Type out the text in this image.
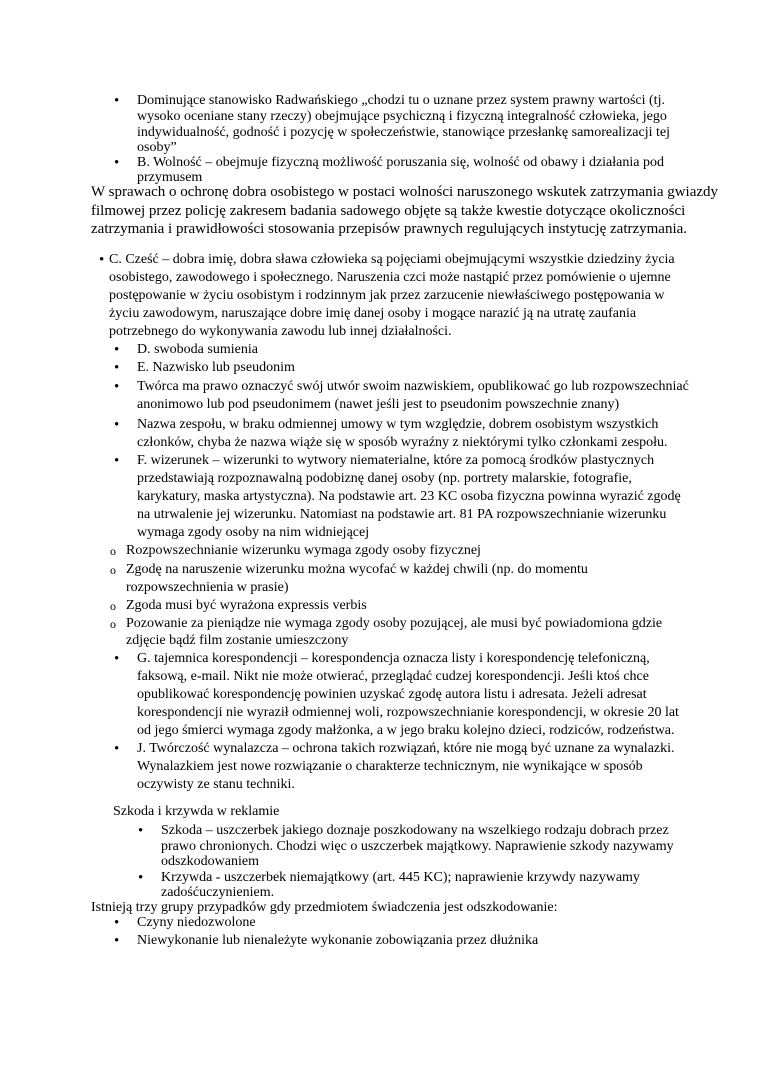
•
•
•
•
•
•
•
•
o
o
o
o
•
•
•
•
•
•
Dominujące stanowisko Radwańskiego „chodzi tu o uznane przez system prawny wartości (tj.
wysoko oceniane stany rzeczy) obejmujące psychiczną i fizyczną integralność człowieka, jego
indywidualność, godność i pozycję w społeczeństwie, stanowiące przesłankę samorealizacji tej
osoby”
B. Wolność – obejmuje fizyczną możliwość poruszania się, wolność od obawy i działania pod
przymusem
W sprawach o ochronę dobra osobistego w postaci wolności naruszonego wskutek zatrzymania gwiazdy
filmowej przez policję zakresem badania sadowego objęte są także kwestie dotyczące okoliczności
zatrzymania i prawidłowości stosowania przepisów prawnych regulujących instytucję zatrzymania.
C. Cześć – dobra imię, dobra sława człowieka są pojęciami obejmującymi wszystkie dziedziny życia
osobistego, zawodowego i społecznego. Naruszenia czci może nastąpić przez pomówienie o ujemne
postępowanie w życiu osobistym i rodzinnym jak przez zarzucenie niewłaściwego postępowania w
życiu zawodowym, naruszające dobre imię danej osoby i mogące narazić ją na utratę zaufania
potrzebnego do wykonywania zawodu lub innej działalności.
D. swoboda sumienia
E. Nazwisko lub pseudonim
Twórca ma prawo oznaczyć swój utwór swoim nazwiskiem, opublikować go lub rozpowszechniać
anonimowo lub pod pseudonimem (nawet jeśli jest to pseudonim powszechnie znany)
Nazwa zespołu, w braku odmiennej umowy w tym względzie, dobrem osobistym wszystkich
członków, chyba że nazwa wiąże się w sposób wyraźny z niektórymi tylko członkami zespołu.
F. wizerunek – wizerunki to wytwory niematerialne, które za pomocą środków plastycznych
przedstawiają rozpoznawalną podobiznę danej osoby (np. portrety malarskie, fotografie,
karykatury, maska artystyczna). Na podstawie art. 23 KC osoba fizyczna powinna wyrazić zgodę
na utrwalenie jej wizerunku. Natomiast na podstawie art. 81 PA rozpowszechnianie wizerunku
wymaga zgody osoby na nim widniejącej
Rozpowszechnianie wizerunku wymaga zgody osoby fizycznej
Zgodę na naruszenie wizerunku można wycofać w każdej chwili (np. do momentu
rozpowszechnienia w prasie)
Zgoda musi być wyrażona expressis verbis
Pozowanie za pieniądze nie wymaga zgody osoby pozującej, ale musi być powiadomiona gdzie
zdjęcie bądź film zostanie umieszczony
G. tajemnica korespondencji – korespondencja oznacza listy i korespondencję telefoniczną,
faksową, e-mail. Nikt nie może otwierać, przeglądać cudzej korespondencji. Jeśli ktoś chce
opublikować korespondencję powinien uzyskać zgodę autora listu i adresata. Jeżeli adresat
korespondencji nie wyraził odmiennej woli, rozpowszechnianie korespondencji, w okresie 20 lat
od jego śmierci wymaga zgody małżonka, a w jego braku kolejno dzieci, rodziców, rodzeństwa.
J. Twórczość wynalazcza – ochrona takich rozwiązań, które nie mogą być uznane za wynalazki.
Wynalazkiem jest nowe rozwiązanie o charakterze technicznym, nie wynikające w sposób
oczywisty ze stanu techniki.
Szkoda i krzywda w reklamie
Szkoda – uszczerbek jakiego doznaje poszkodowany na wszelkiego rodzaju dobrach przez
prawo chronionych. Chodzi więc o uszczerbek majątkowy. Naprawienie szkody nazywamy
odszkodowaniem
Krzywda - uszczerbek niemajątkowy (art. 445 KC); naprawienie krzywdy nazywamy
zadośćuczynieniem.
Istnieją trzy grupy przypadków gdy przedmiotem świadczenia jest odszkodowanie:
Czyny niedozwolone
Niewykonanie lub nienależyte wykonanie zobowiązania przez dłużnika
